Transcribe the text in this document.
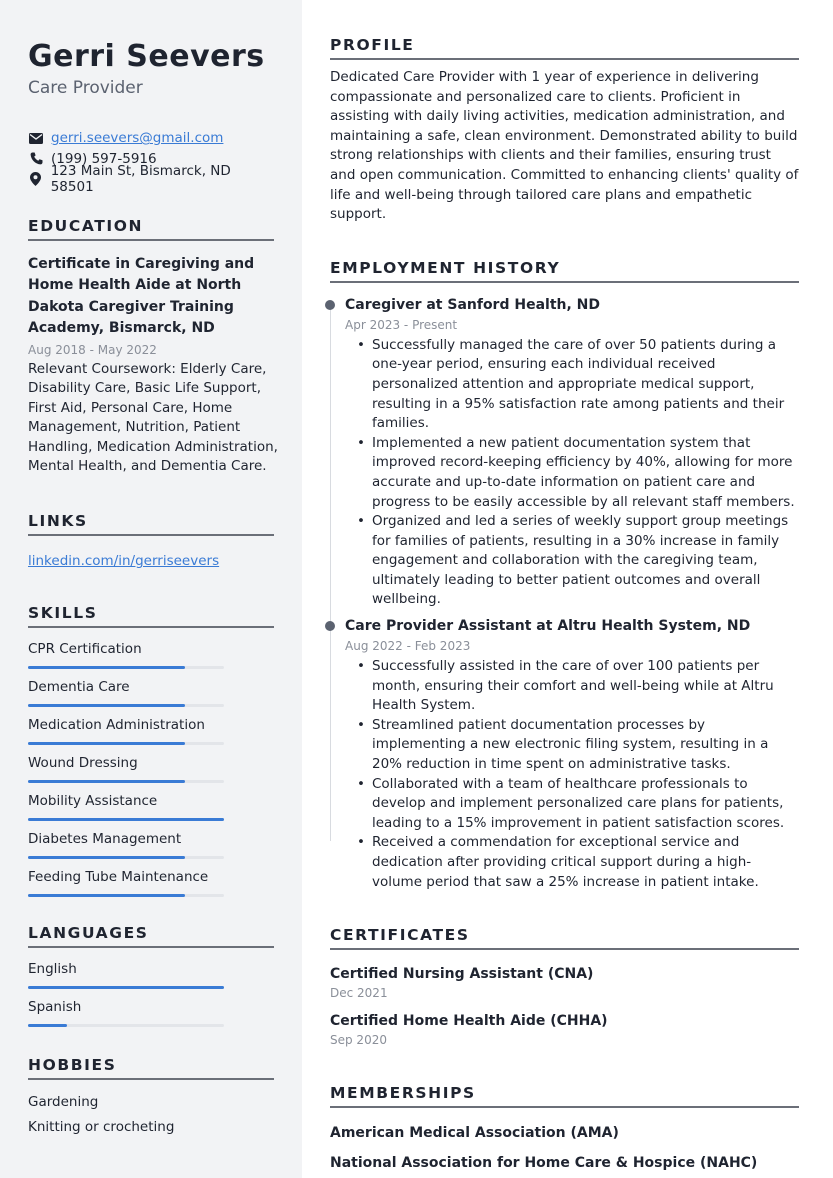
Gerri Seevers
Care Provider
gerri.seevers@gmail.com
(199) 597-5916
123 Main St, Bismarck, ND 58501
EDUCATION
Certificate in Caregiving and Home Health Aide at North Dakota Caregiver Training Academy, Bismarck, ND
Aug 2018 - May 2022
Relevant Coursework: Elderly Care, Disability Care, Basic Life Support, First Aid, Personal Care, Home Management, Nutrition, Patient Handling, Medication Administration, Mental Health, and Dementia Care.
LINKS
linkedin.com/in/gerriseevers
SKILLS
CPR Certification
Dementia Care
Medication Administration
Wound Dressing
Mobility Assistance
Diabetes Management
Feeding Tube Maintenance
LANGUAGES
English
Spanish
HOBBIES
Gardening
Knitting or crocheting
PROFILE

Dedicated Care Provider with 1 year of experience in delivering compassionate and personalized care to clients. Proficient in assisting with daily living activities, medication administration, and maintaining a safe, clean environment. Demonstrated ability to build strong relationships with clients and their families, ensuring trust and open communication. Committed to enhancing clients' quality of life and well-being through tailored care plans and empathetic support.

EMPLOYMENT HISTORY
Caregiver at Sanford Health, ND
Apr 2023 - Present
• Successfully managed the care of over 50 patients during a one-year period, ensuring each individual received personalized attention and appropriate medical support, resulting in a 95% satisfaction rate among patients and their families.
• Implemented a new patient documentation system that improved record-keeping efficiency by 40%, allowing for more accurate and up-to-date information on patient care and progress to be easily accessible by all relevant staff members.
• Organized and led a series of weekly support group meetings for families of patients, resulting in a 30% increase in family engagement and collaboration with the caregiving team, ultimately leading to better patient outcomes and overall wellbeing.
Care Provider Assistant at Altru Health System, ND
Aug 2022 - Feb 2023
• Successfully assisted in the care of over 100 patients per month, ensuring their comfort and well-being while at Altru Health System.
• Streamlined patient documentation processes by implementing a new electronic filing system, resulting in a 20% reduction in time spent on administrative tasks.
• Collaborated with a team of healthcare professionals to develop and implement personalized care plans for patients, leading to a 15% improvement in patient satisfaction scores.
• Received a commendation for exceptional service and dedication after providing critical support during a high-volume period that saw a 25% increase in patient intake.
CERTIFICATES
Certified Nursing Assistant (CNA)
Dec 2021
Certified Home Health Aide (CHHA)
Sep 2020
MEMBERSHIPS
American Medical Association (AMA)
National Association for Home Care & Hospice (NAHC)
